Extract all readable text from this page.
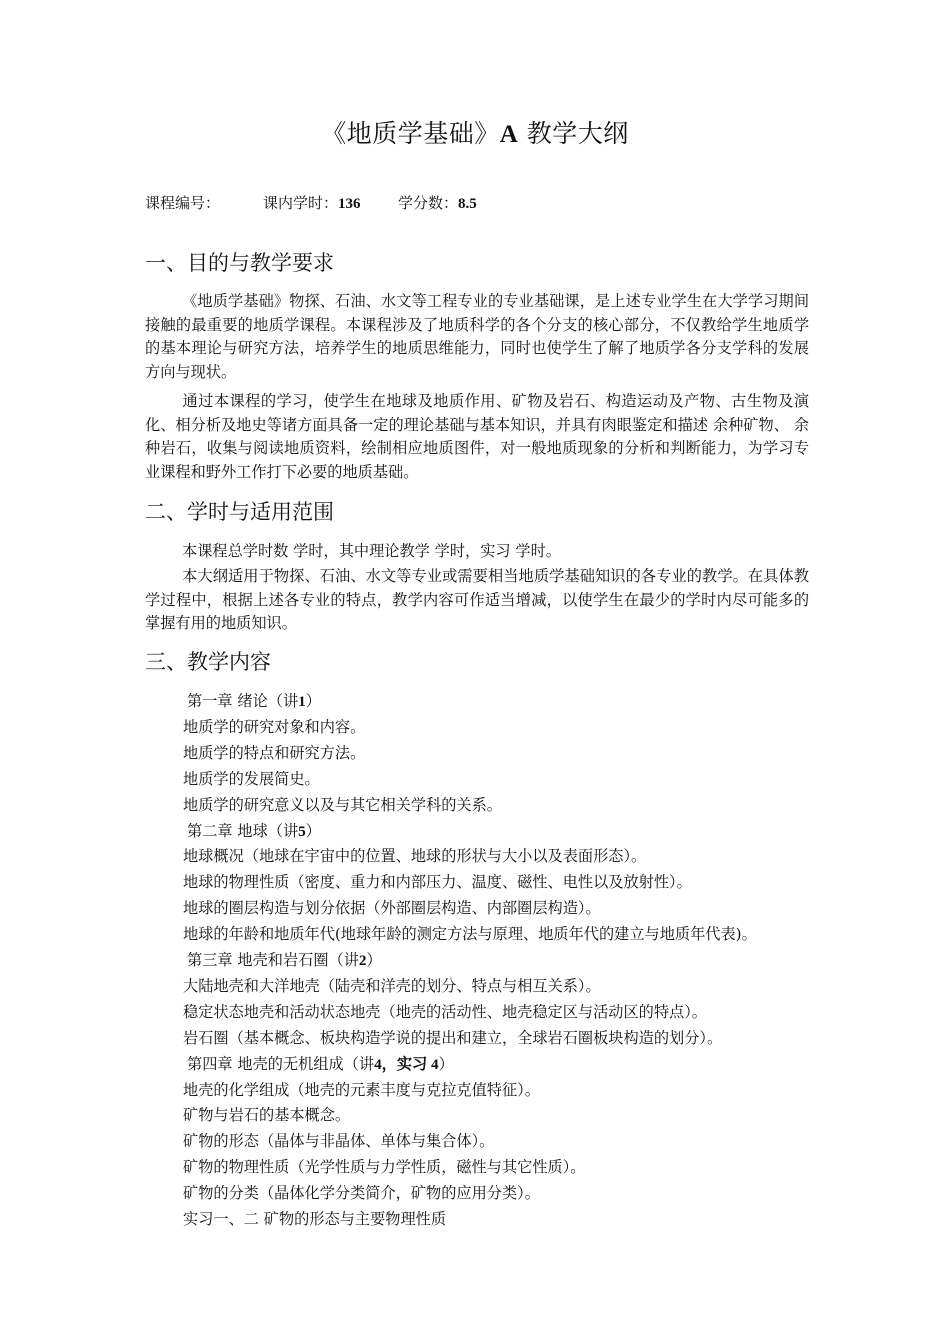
《地质学基础》A 教学大纲
课程编号：	课内学时：136	学分数：8.5
一、目的与教学要求
《地质学基础》物探、石油、水文等工程专业的专业基础课，是上述专业学生在大学学习期间接触的最重要的地质学课程。本课程涉及了地质科学的各个分支的核心部分，不仅教给学生地质学的基本理论与研究方法，培养学生的地质思维能力，同时也使学生了解了地质学各分支学科的发展方向与现状。
通过本课程的学习，使学生在地球及地质作用、矿物及岩石、构造运动及产物、古生物及演化、相分析及地史等诸方面具备一定的理论基础与基本知识，并具有肉眼鉴定和描述 余种矿物、 余种岩石，收集与阅读地质资料，绘制相应地质图件，对一般地质现象的分析和判断能力，为学习专业课程和野外工作打下必要的地质基础。
二、学时与适用范围
本课程总学时数 学时，其中理论教学 学时，实习 学时。
本大纲适用于物探、石油、水文等专业或需要相当地质学基础知识的各专业的教学。在具体教学过程中，根据上述各专业的特点，教学内容可作适当增减，以使学生在最少的学时内尽可能多的掌握有用的地质知识。
三、教学内容
第一章 绪论（讲1）
地质学的研究对象和内容。
地质学的特点和研究方法。
地质学的发展简史。
地质学的研究意义以及与其它相关学科的关系。
第二章 地球（讲5）
地球概况（地球在宇宙中的位置、地球的形状与大小以及表面形态）。
地球的物理性质（密度、重力和内部压力、温度、磁性、电性以及放射性）。
地球的圈层构造与划分依据（外部圈层构造、内部圈层构造）。
地球的年龄和地质年代(地球年龄的测定方法与原理、地质年代的建立与地质年代表)。
第三章 地壳和岩石圈（讲2）
大陆地壳和大洋地壳（陆壳和洋壳的划分、特点与相互关系）。
稳定状态地壳和活动状态地壳（地壳的活动性、地壳稳定区与活动区的特点）。
岩石圈（基本概念、板块构造学说的提出和建立，全球岩石圈板块构造的划分）。
第四章 地壳的无机组成（讲4，实习 4）
地壳的化学组成（地壳的元素丰度与克拉克值特征）。
矿物与岩石的基本概念。
矿物的形态（晶体与非晶体、单体与集合体）。
矿物的物理性质（光学性质与力学性质，磁性与其它性质）。
矿物的分类（晶体化学分类简介，矿物的应用分类）。
实习一、二 矿物的形态与主要物理性质
